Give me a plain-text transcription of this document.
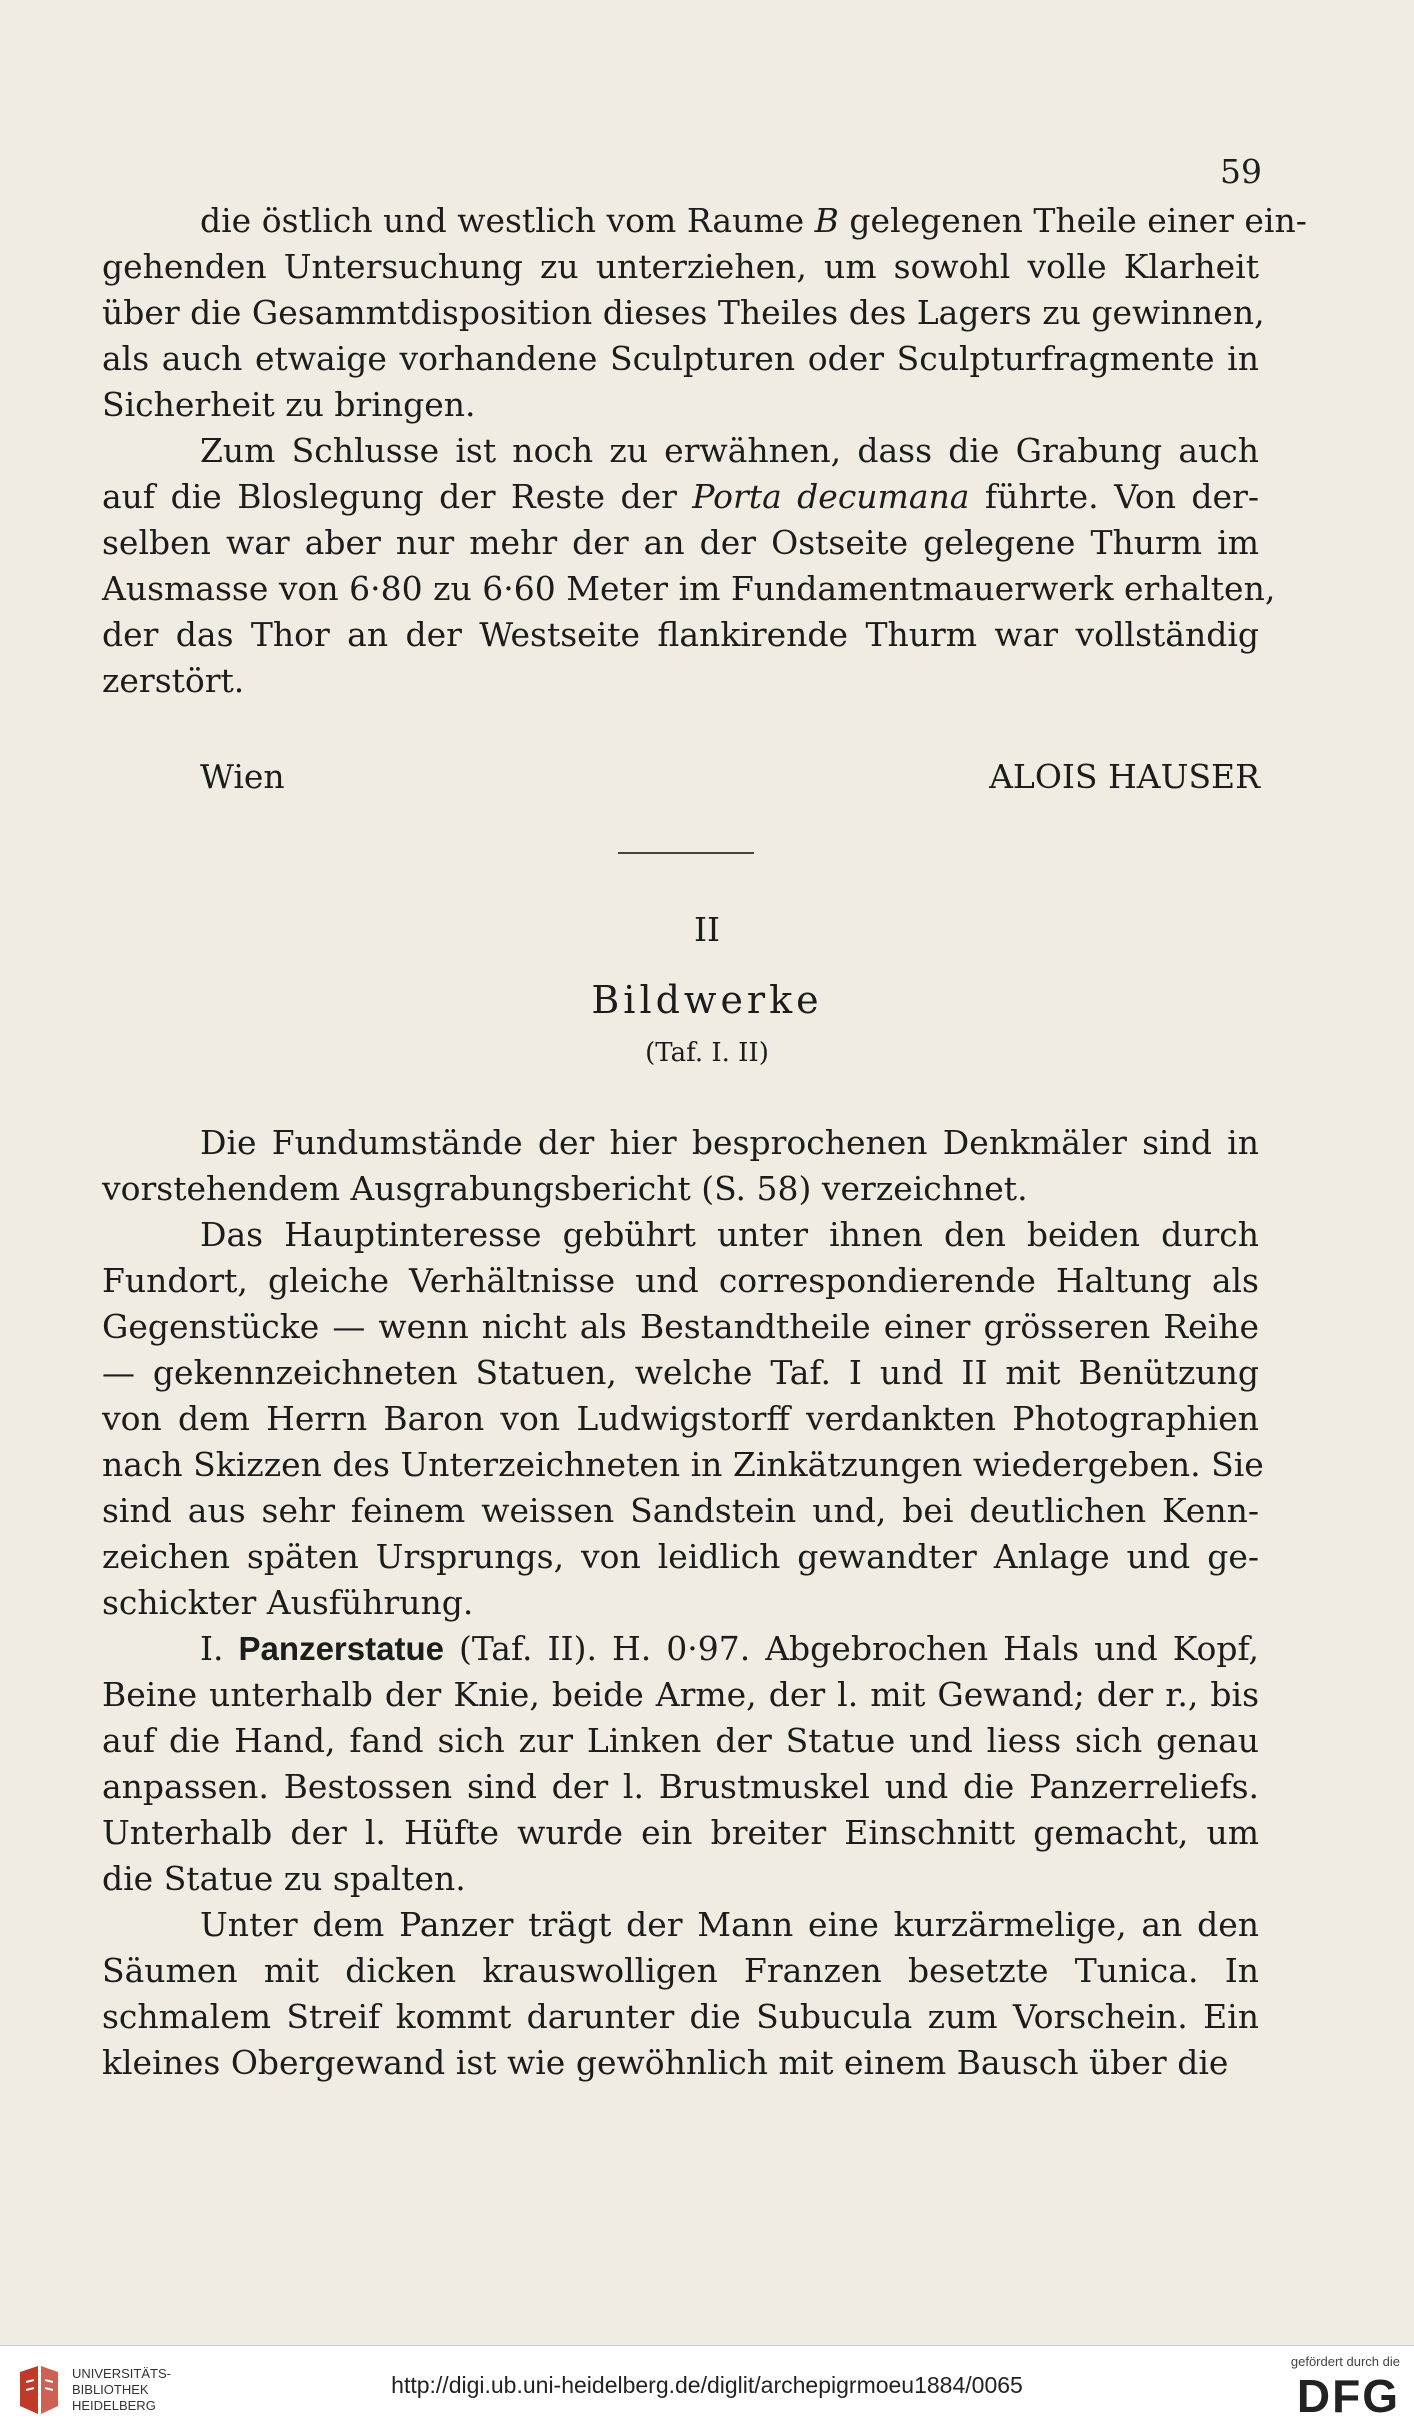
59
die östlich und westlich vom Raume B gelegenen Theile einer ein-
gehenden Untersuchung zu unterziehen, um sowohl volle Klarheit
über die Gesammtdisposition dieses Theiles des Lagers zu gewinnen,
als auch etwaige vorhandene Sculpturen oder Sculpturfragmente in
Sicherheit zu bringen.
Zum Schlusse ist noch zu erwähnen, dass die Grabung auch
auf die Bloslegung der Reste der Porta decumana führte. Von der-
selben war aber nur mehr der an der Ostseite gelegene Thurm im
Ausmasse von 6·80 zu 6·60 Meter im Fundamentmauerwerk erhalten,
der das Thor an der Westseite flankirende Thurm war vollständig
zerstört.
Wien	ALOIS HAUSER
II
Bildwerke
(Taf. I. II)
Die Fundumstände der hier besprochenen Denkmäler sind in
vorstehendem Ausgrabungsbericht (S. 58) verzeichnet.
Das Hauptinteresse gebührt unter ihnen den beiden durch
Fundort, gleiche Verhältnisse und correspondierende Haltung als
Gegenstücke — wenn nicht als Bestandtheile einer grösseren Reihe
— gekennzeichneten Statuen, welche Taf. I und II mit Benützung
von dem Herrn Baron von Ludwigstorff verdankten Photographien
nach Skizzen des Unterzeichneten in Zinkätzungen wiedergeben. Sie
sind aus sehr feinem weissen Sandstein und, bei deutlichen Kenn-
zeichen späten Ursprungs, von leidlich gewandter Anlage und ge-
schickter Ausführung.
I. Panzerstatue (Taf. II). H. 0·97. Abgebrochen Hals und Kopf,
Beine unterhalb der Knie, beide Arme, der l. mit Gewand; der r., bis
auf die Hand, fand sich zur Linken der Statue und liess sich genau
anpassen. Bestossen sind der l. Brustmuskel und die Panzerreliefs.
Unterhalb der l. Hüfte wurde ein breiter Einschnitt gemacht, um
die Statue zu spalten.
Unter dem Panzer trägt der Mann eine kurzärmelige, an den
Säumen mit dicken krauswolligen Franzen besetzte Tunica. In
schmalem Streif kommt darunter die Subucula zum Vorschein. Ein
kleines Obergewand ist wie gewöhnlich mit einem Bausch über die
UNIVERSITÄTS-
BIBLIOTHEK
HEIDELBERG
http://digi.ub.uni-heidelberg.de/diglit/archepigrmoeu1884/0065
gefördert durch die
DFG
